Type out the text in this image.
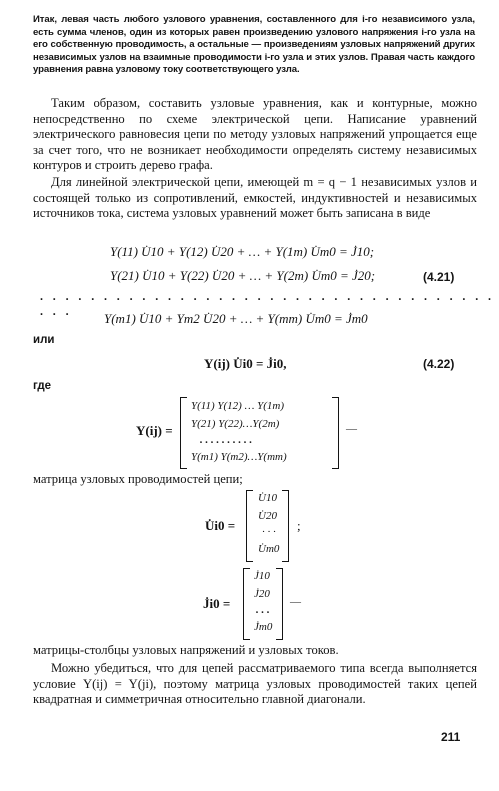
Итак, левая часть любого узлового уравнения, составленного для i-го независимого узла, есть сумма членов, один из которых равен произведению узлового напряжения i-го узла на его собственную проводимость, а остальные — произведениям узловых напряжений других независимых узлов на взаимные проводимости i-го узла и этих узлов. Правая часть каждого уравнения равна узловому току соответствующего узла.
Таким образом, составить узловые уравнения, как и контурные, можно непосредственно по схеме электрической цепи. Написание уравнений электрического равновесия цепи по методу узловых напряжений упрощается еще за счет того, что не возникает необходимости определять систему независимых контуров и строить дерево графа.
Для линейной электрической цепи, имеющей m = q − 1 независимых узлов и состоящей только из сопротивлений, емкостей, индуктивностей и независимых источников тока, система узловых уравнений может быть записана в виде
Y(11) U̇10 + Y(12) U̇20 + … + Y(1m) U̇m0 = J̇10;
Y(21) U̇10 + Y(22) U̇20 + … + Y(2m) U̇m0 = J̇20;	(4.21)
. . . . . . . . . . . . . . . . . . . . . . . . . . . . . . . . . . . . . . .	Y(m1) U̇10 + Ym2 U̇20 + … + Y(mm) U̇m0 = J̇m0
или
Y(ij) U̇i0 = J̇i0,	(4.22)
где
Y(ij) =
Y(11) Y(12) … Y(1m)
Y(21) Y(22)…Y(2m)
. . . . . . . . . .
Y(m1) Y(m2)…Y(mm)
—
матрица узловых проводимостей цепи;
U̇i0 =
U̇10
U̇20
· · ·
U̇m0
;
J̇i0 =
J̇10
J̇20
. . .
J̇m0
—
матрицы-столбцы узловых напряжений и узловых токов.
Можно убедиться, что для цепей рассматриваемого типа всегда выполняется условие Y(ij) = Y(ji), поэтому матрица узловых проводимостей таких цепей квадратная и симметричная относительно главной диагонали.
211
